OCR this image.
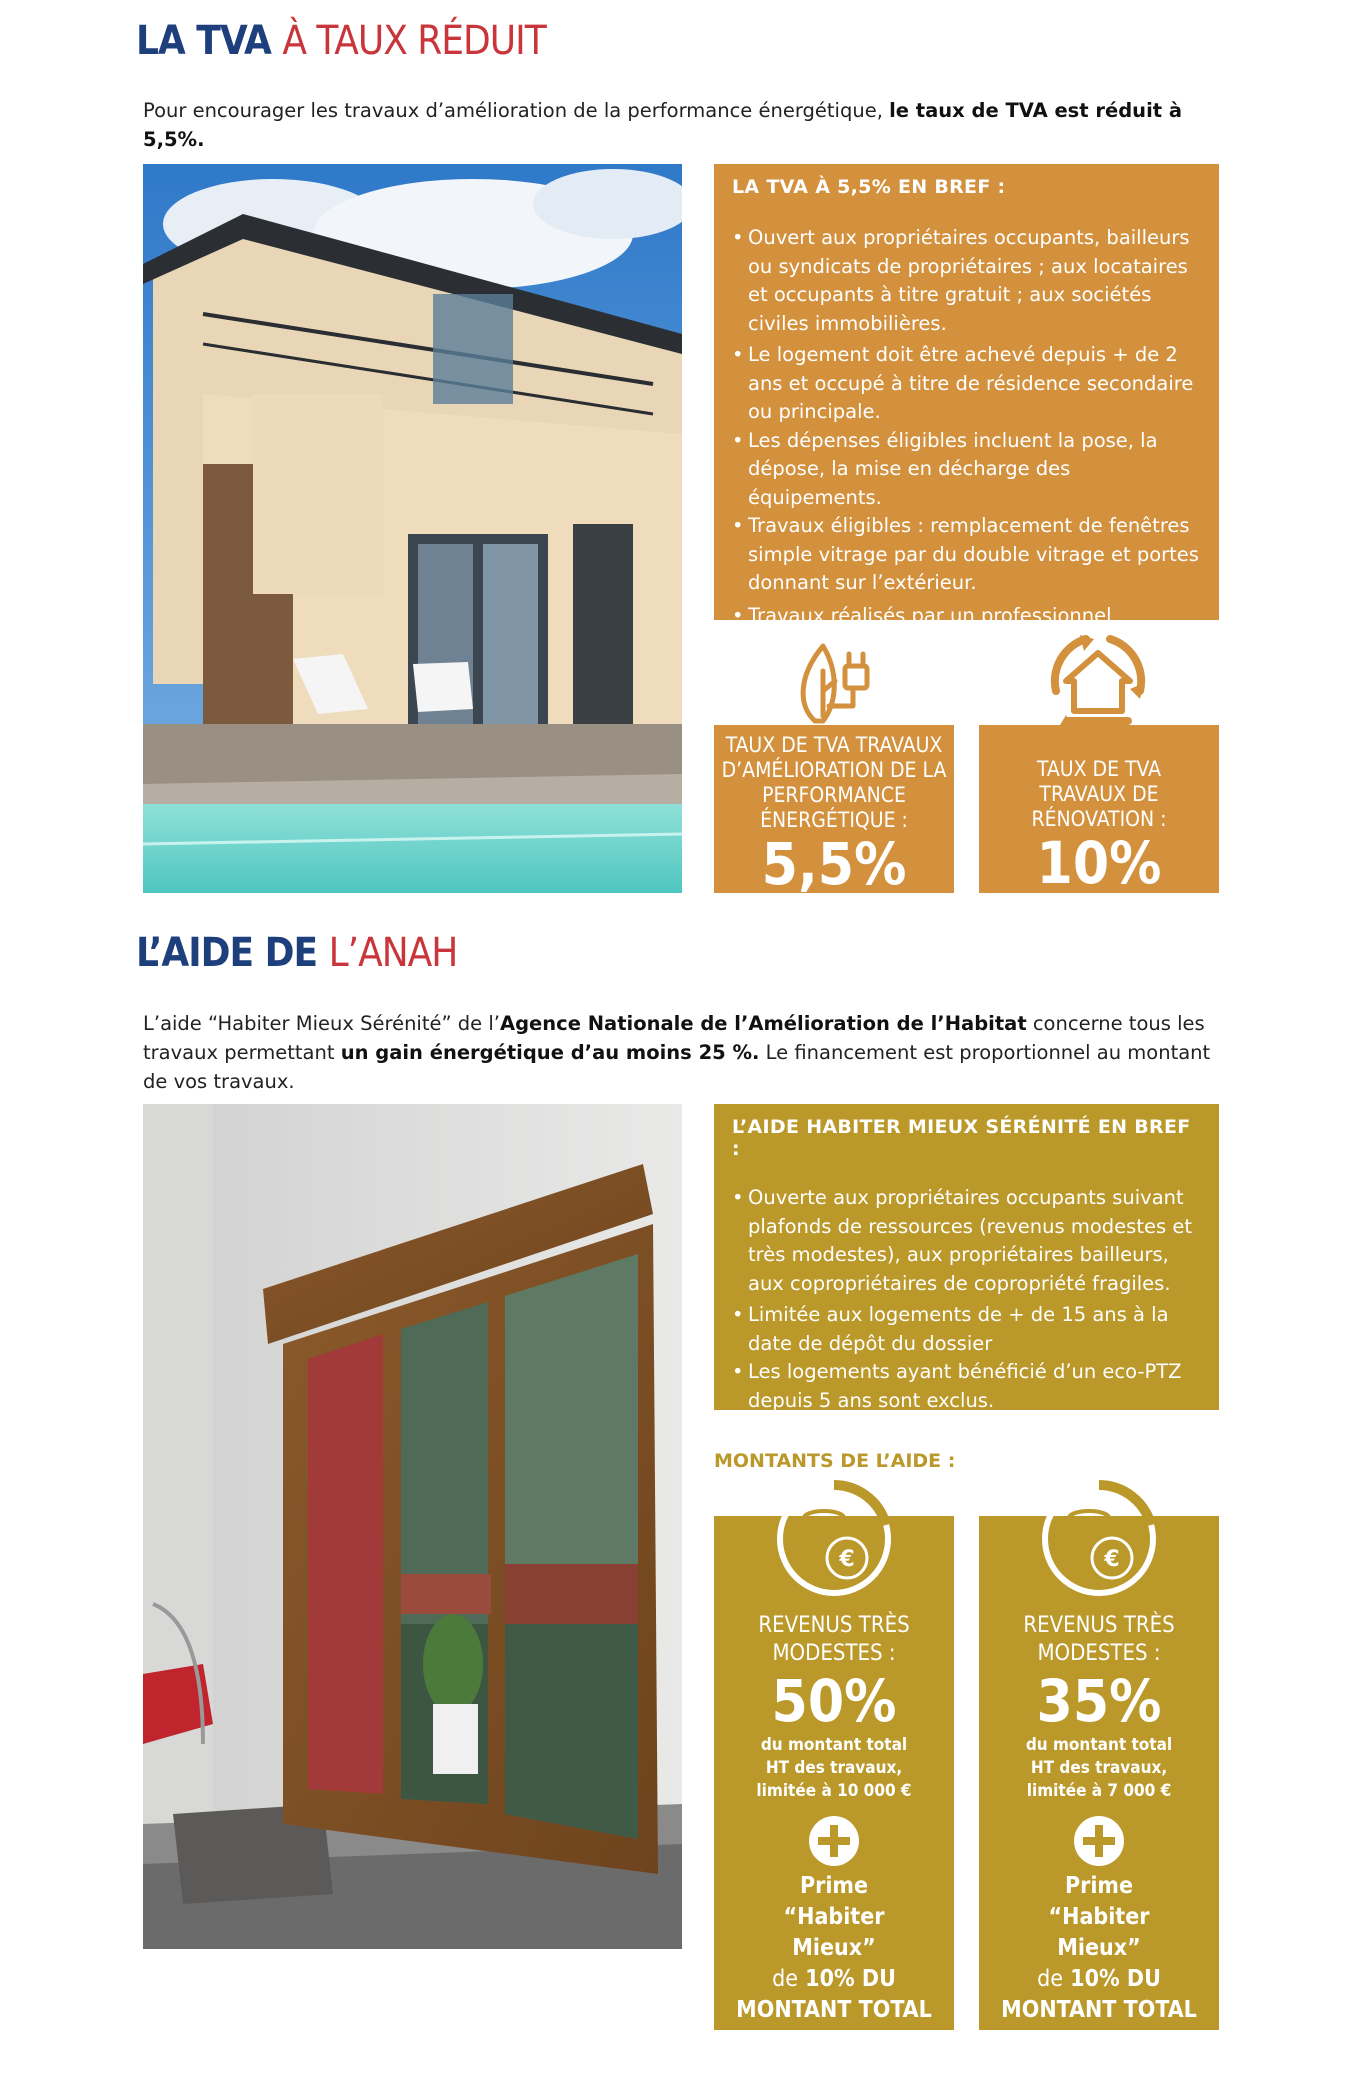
LA TVA À TAUX RÉDUIT
Pour encourager les travaux d’amélioration de la performance énergétique, le taux de TVA est réduit à 5,5%.
LA TVA À 5,5% EN BREF :
• Ouvert aux propriétaires occupants, bailleurs ou syndicats de propriétaires ; aux locataires et occupants à titre gratuit ; aux sociétés civiles immobilières.
• Le logement doit être achevé depuis + de 2 ans et occupé à titre de résidence secondaire ou principale.
• Les dépenses éligibles incluent la pose, la dépose, la mise en décharge des équipements.
• Travaux éligibles : remplacement de fenêtres simple vitrage par du double vitrage et portes donnant sur l’extérieur.
• Travaux réalisés par un professionnel
TAUX DE TVA TRAVAUX D’AMÉLIORATION DE LA PERFORMANCE ÉNERGÉTIQUE :
5,5%
TAUX DE TVA TRAVAUX DE RÉNOVATION :
10%
L’AIDE DE L’ANAH
L’aide “Habiter Mieux Sérénité” de l’Agence Nationale de l’Amélioration de l’Habitat concerne tous les travaux permettant un gain énergétique d’au moins 25 %. Le financement est proportionnel au montant de vos travaux.
L’AIDE HABITER MIEUX SÉRÉNITÉ EN BREF :
• Ouverte aux propriétaires occupants suivant plafonds de ressources (revenus modestes et très modestes), aux propriétaires bailleurs, aux copropriétaires de copropriété fragiles.
• Limitée aux logements de + de 15 ans à la date de dépôt du dossier
• Les logements ayant bénéficié d’un eco-PTZ depuis 5 ans sont exclus.
MONTANTS DE L’AIDE :
€
REVENUS TRÈS MODESTES :
50%
du montant total HT des travaux, limitée à 10 000 €
Prime “Habiter Mieux”
de 10% DU MONTANT TOTAL HT des travaux,
limitée à 2 000 €
€
REVENUS TRÈS MODESTES :
35%
du montant total HT des travaux, limitée à 7 000 €
Prime “Habiter Mieux”
de 10% DU MONTANT TOTAL HT des travaux,
limitée à 1 600 €
